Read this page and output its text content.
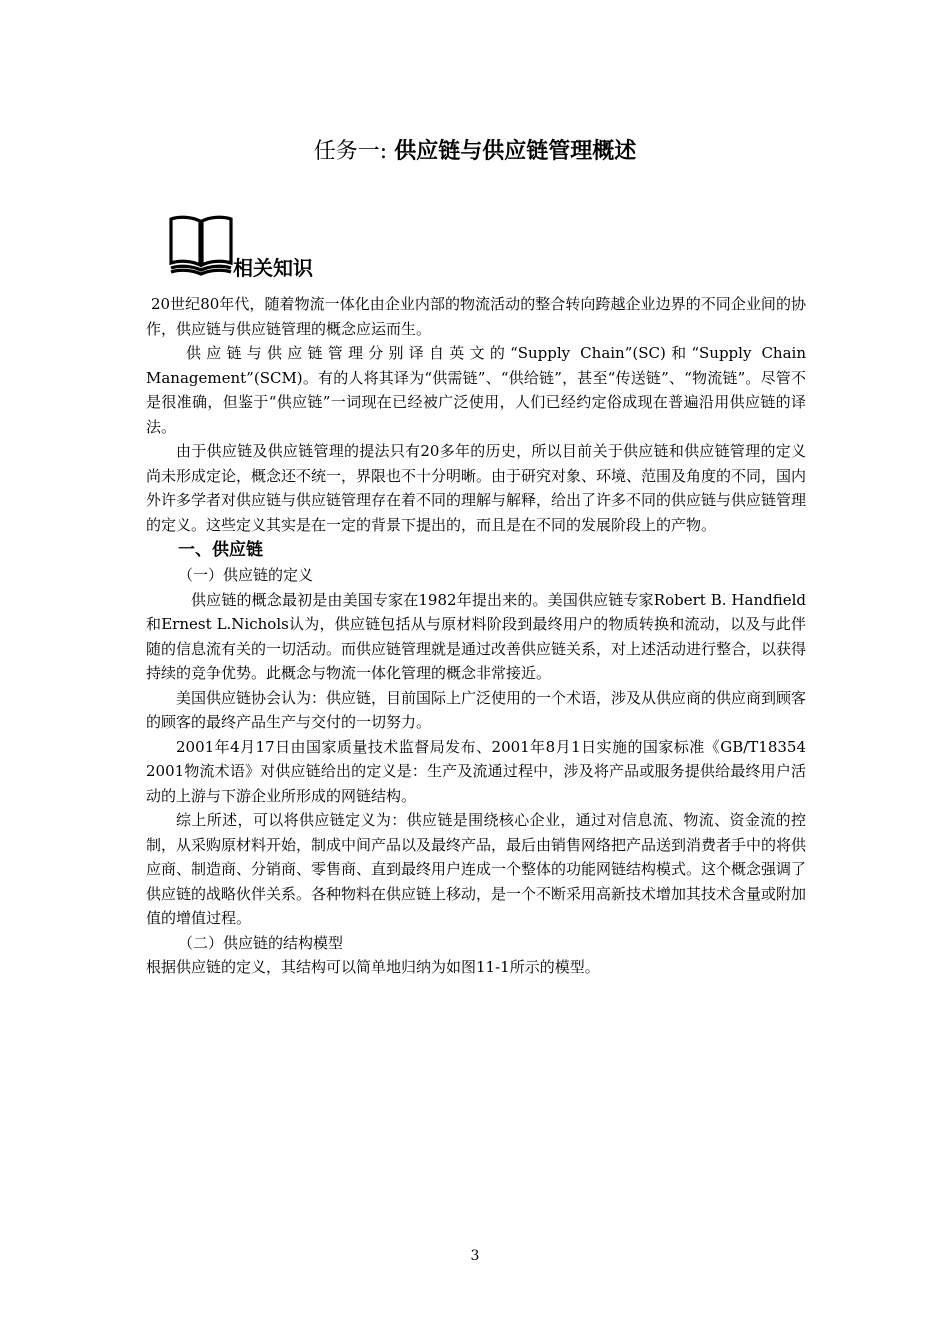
任务一: 供应链与供应链管理概述
相关知识

20世纪80年代，随着物流一体化由企业内部的物流活动的整合转向跨越企业边界的不同企业间的协作，供应链与供应链管理的概念应运而生。

供应链与供应链管理分别译自英文的“Supply Chain”(SC)和“Supply Chain Management”(SCM)。有的人将其译为“供需链”、“供给链”，甚至“传送链”、“物流链”。尽管不是很准确，但鉴于“供应链”一词现在已经被广泛使用，人们已经约定俗成现在普遍沿用供应链的译法。

由于供应链及供应链管理的提法只有20多年的历史，所以目前关于供应链和供应链管理的定义尚未形成定论，概念还不统一，界限也不十分明晰。由于研究对象、环境、范围及角度的不同，国内外许多学者对供应链与供应链管理存在着不同的理解与解释，给出了许多不同的供应链与供应链管理的定义。这些定义其实是在一定的背景下提出的，而且是在不同的发展阶段上的产物。

一、供应链

（一）供应链的定义

供应链的概念最初是由美国专家在1982年提出来的。美国供应链专家Robert B. Handfield和Ernest L.Nichols认为，供应链包括从与原材料阶段到最终用户的物质转换和流动，以及与此伴随的信息流有关的一切活动。而供应链管理就是通过改善供应链关系，对上述活动进行整合，以获得持续的竞争优势。此概念与物流一体化管理的概念非常接近。

美国供应链协会认为：供应链，目前国际上广泛使用的一个术语，涉及从供应商的供应商到顾客的顾客的最终产品生产与交付的一切努力。

2001年4月17日由国家质量技术监督局发布、2001年8月1日实施的国家标准《GB/T18354 2001物流术语》对供应链给出的定义是：生产及流通过程中，涉及将产品或服务提供给最终用户活动的上游与下游企业所形成的网链结构。

综上所述，可以将供应链定义为：供应链是围绕核心企业，通过对信息流、物流、资金流的控制，从采购原材料开始，制成中间产品以及最终产品，最后由销售网络把产品送到消费者手中的将供应商、制造商、分销商、零售商、直到最终用户连成一个整体的功能网链结构模式。这个概念强调了供应链的战略伙伴关系。各种物料在供应链上移动，是一个不断采用高新技术增加其技术含量或附加值的增值过程。

（二）供应链的结构模型

根据供应链的定义，其结构可以简单地归纳为如图11-1所示的模型。

3
